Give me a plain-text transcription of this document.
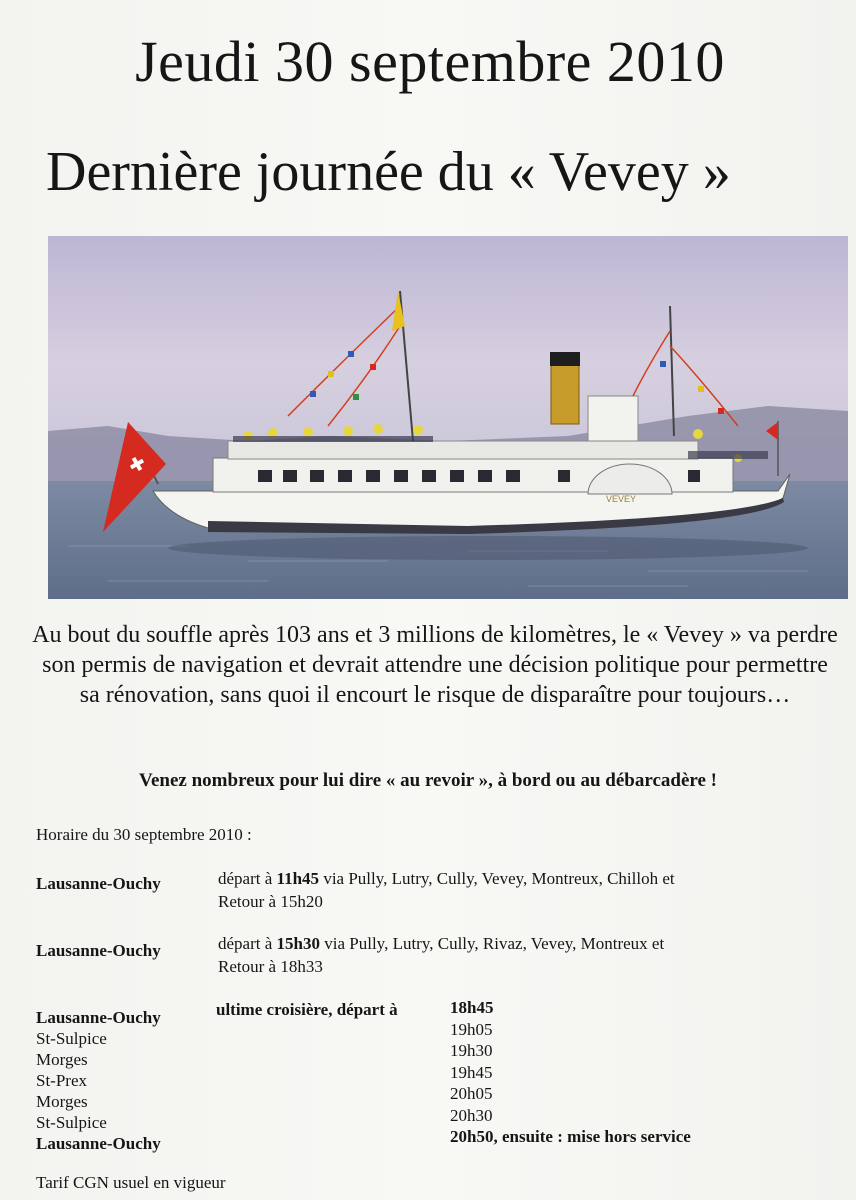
Jeudi 30 septembre 2010
Dernière journée du « Vevey »
VEVEY
Au bout du souffle après 103 ans et 3 millions de kilomètres, le « Vevey » va perdre son permis de navigation et devrait attendre une décision politique pour permettre sa rénovation, sans quoi il encourt le risque de disparaître pour toujours…
Venez nombreux pour lui dire « au revoir », à bord ou au débarcadère !
Horaire du 30 septembre 2010 :
Lausanne-Ouchy	départ à 11h45 via Pully, Lutry, Cully, Vevey, Montreux, Chilloh et
Retour à 15h20
Lausanne-Ouchy	départ à 15h30 via Pully, Lutry, Cully, Rivaz, Vevey, Montreux et
Retour à 18h33
ultime croisière, départ à
Lausanne-Ouchy
St-Sulpice
Morges
St-Prex
Morges
St-Sulpice
Lausanne-Ouchy
18h45
19h05
19h30
19h45
20h05
20h30
20h50, ensuite : mise hors service
Tarif CGN usuel en vigueur
